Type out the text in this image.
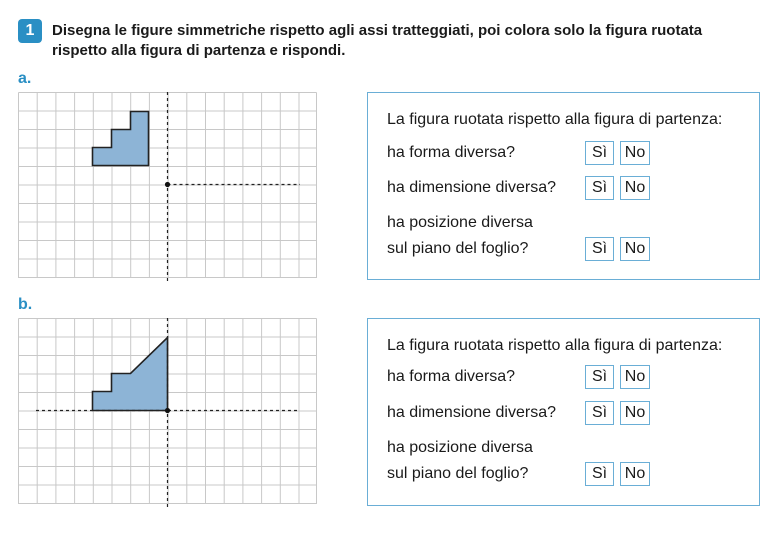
1	Disegna le figure simmetriche rispetto agli assi tratteggiati, poi colora solo la figura ruotata rispetto alla figura di partenza e rispondi.
a.
La figura ruotata rispetto alla figura di partenza:
ha forma diversa?	Sì	No
ha dimensione diversa?	Sì	No
ha posizione diversa
sul piano del foglio?	Sì	No
b.
La figura ruotata rispetto alla figura di partenza:
ha forma diversa?	Sì	No
ha dimensione diversa?	Sì	No
ha posizione diversa
sul piano del foglio?	Sì	No
